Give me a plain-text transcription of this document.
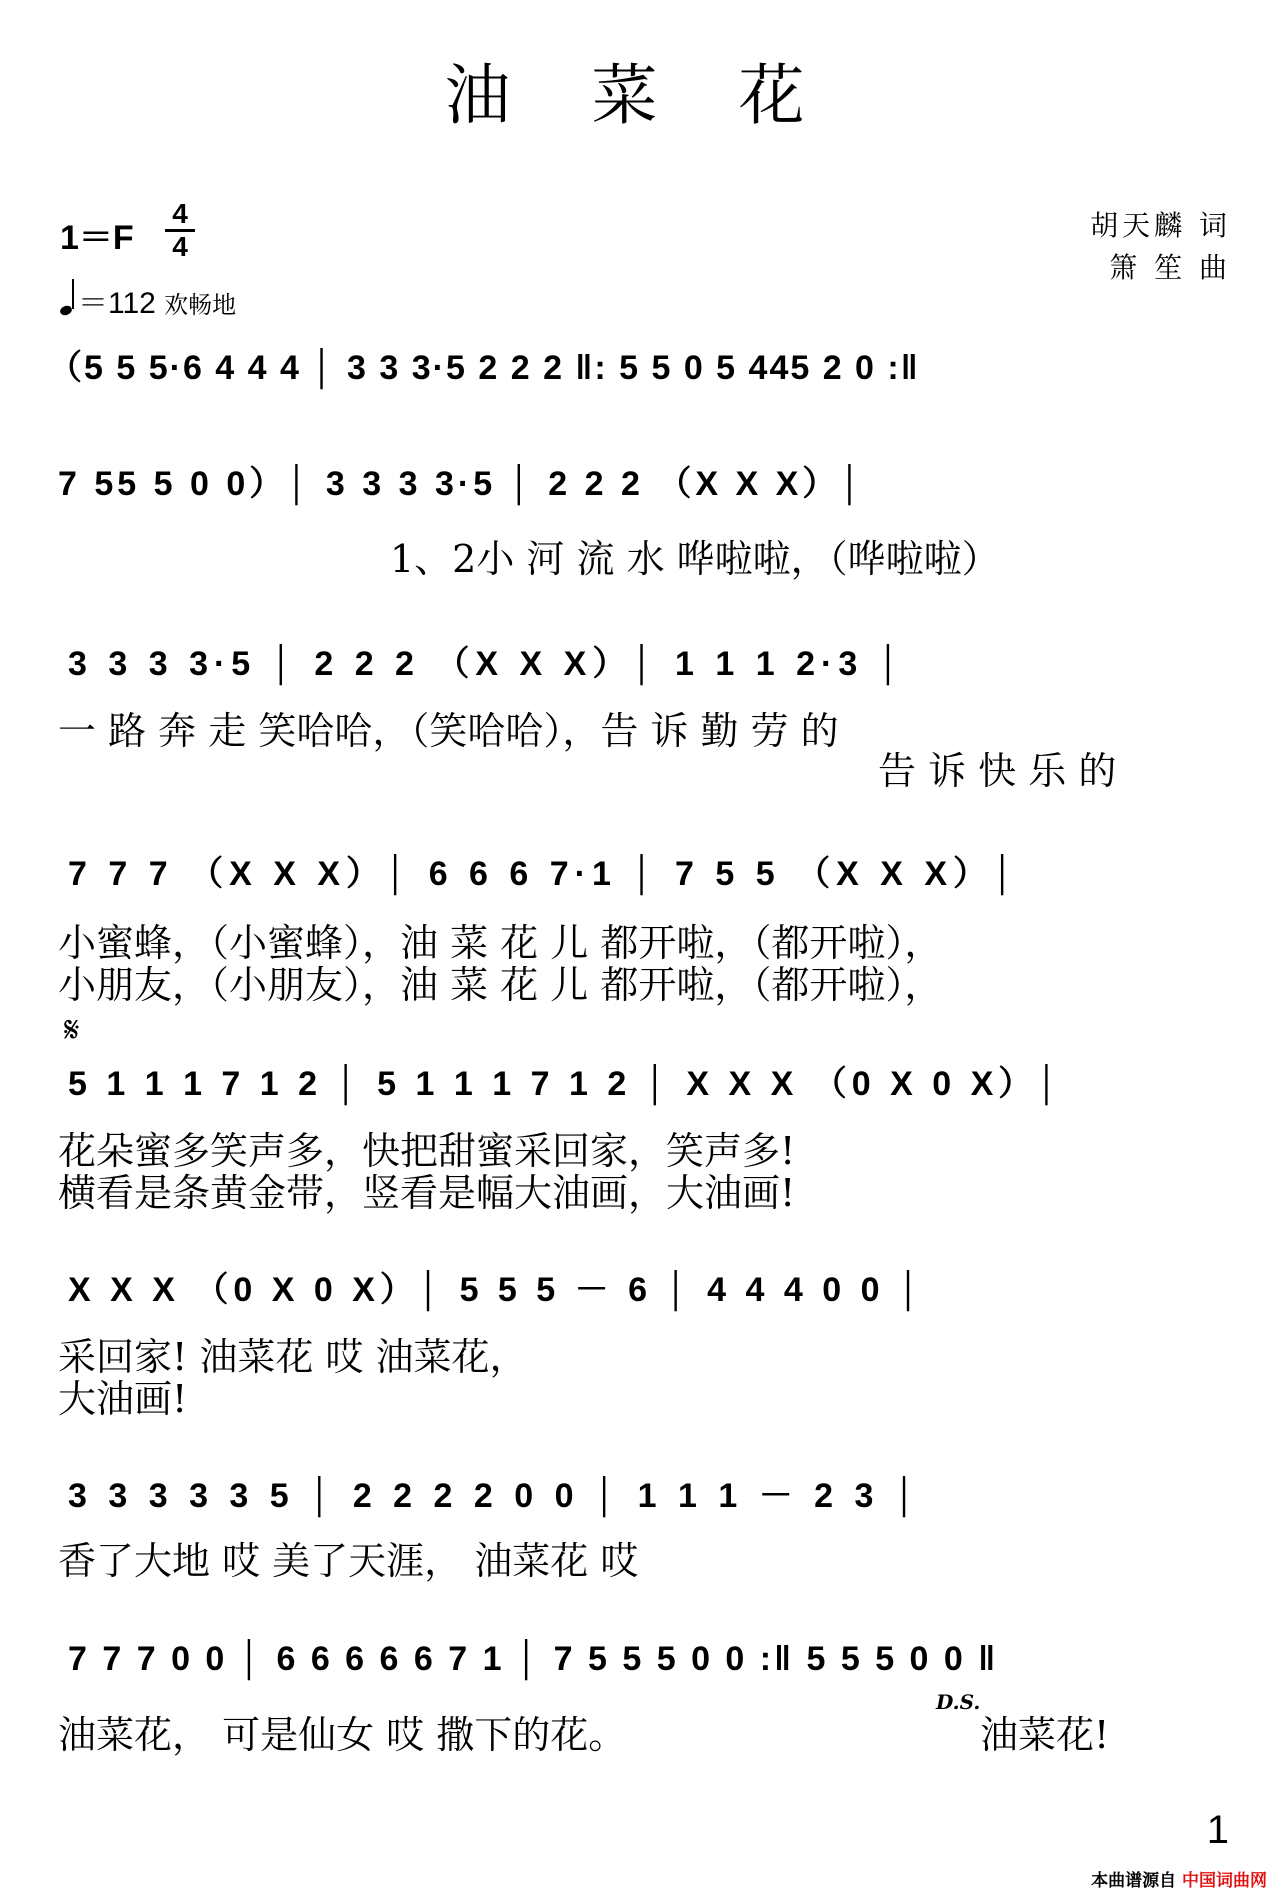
油 菜 花
1＝F
4
4
＝112 欢畅地
胡天麟 词
箫 笙 曲
（5 5 5·6 4 4 4 │ 3 3 3·5 2 2 2 ‖: 5 5 0 5 445 2 0 :‖
7 55 5 0 0）│ 3 3 3 3·5 │ 2 2 2 （X X X）│
1、2小 河 流 水 哗啦啦，（哗啦啦）
3 3 3 3·5 │ 2 2 2 （X X X）│ 1 1 1 2·3 │
一 路 奔 走 笑哈哈，（笑哈哈），告 诉 勤 劳 的
告 诉 快 乐 的
7 7 7 （X X X）│ 6 6 6 7·1 │ 7 5 5 （X X X）│
小蜜蜂，（小蜜蜂），油 菜 花 儿 都开啦，（都开啦），
小朋友，（小朋友），油 菜 花 儿 都开啦，（都开啦），
𝄋
5 1 1 1 7 1 2 │ 5 1 1 1 7 1 2 │ X X X （0 X 0 X）│
花朵蜜多笑声多，快把甜蜜采回家，笑声多!
横看是条黄金带，竖看是幅大油画，大油画!
X X X （0 X 0 X）│ 5 5 5 － 6 │ 4 4 4 0 0 │
采回家! 油菜花 哎 油菜花，
大油画!
3 3 3 3 3 5 │ 2 2 2 2 0 0 │ 1 1 1 － 2 3 │
香了大地 哎 美了天涯， 油菜花 哎
7 7 7 0 0 │ 6 6 6 6 6 7 1 │ 7 5 5 5 0 0 :‖ 5 5 5 0 0 ‖
油菜花， 可是仙女 哎 撒下的花。
D.S.
油菜花!
1
本曲谱源自 中国词曲网
